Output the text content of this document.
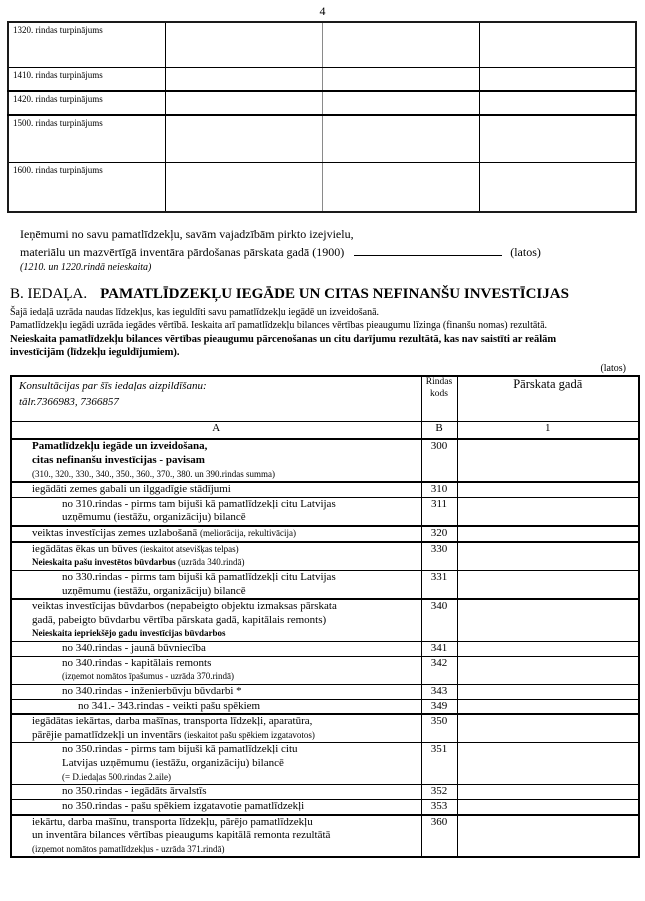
4
1320. rindas turpinājums			
1410. rindas turpinājums			
1420. rindas turpinājums			
1500. rindas turpinājums			
1600. rindas turpinājums			
Ieņēmumi no savu pamatlīdzekļu, savām vajadzībām pirkto izejvielu,
materiālu un mazvērtīgā inventāra pārdošanas pārskata gadā (1900)	(latos)
(1210. un 1220.rindā neieskaita)
B. IEDAĻA. PAMATLĪDZEKĻU IEGĀDE UN CITAS NEFINANŠU INVESTĪCIJAS
Šajā iedaļā uzrāda naudas līdzekļus, kas ieguldīti savu pamatlīdzekļu iegādē un izveidošanā.
Pamatlīdzekļu iegādi uzrāda iegādes vērtībā. Ieskaita arī pamatlīdzekļu bilances vērtības pieaugumu līzinga (finanšu nomas) rezultātā.
Neieskaita pamatlīdzekļu bilances vērtības pieaugumu pārcenošanas un citu darījumu rezultātā, kas nav saistīti ar reālām
investīcijām (līdzekļu ieguldījumiem).
(latos)
Konsultācijas par šīs iedaļas aizpildīšanu:
tālr.7366983, 7366857

Rindas
kods
	Pārskata gadā
A	B	1

Pamatlīdzekļu iegāde un izveidošana,
citas nefinanšu investīcijas - pavisam
(310., 320., 330., 340., 350., 360., 370., 380. un 390.rindas summa)	300	

iegādāti zemes gabali un ilggadīgie stādījumi	310	

no 310.rindas - pirms tam bijuši kā pamatlīdzekļi citu Latvijas
uzņēmumu (iestāžu, organizāciju) bilancē	311	

veiktas investīcijas zemes uzlabošanā (meliorācija, rekultivācija)	320	

iegādātas ēkas un būves (ieskaitot atsevišķas telpas)
Neieskaita pašu investētos būvdarbus (uzrāda 340.rindā)	330	

no 330.rindas - pirms tam bijuši kā pamatlīdzekļi citu Latvijas
uzņēmumu (iestāžu, organizāciju) bilancē	331	

veiktas investīcijas būvdarbos (nepabeigto objektu izmaksas pārskata
gadā, pabeigto būvdarbu vērtība pārskata gadā, kapitālais remonts)
Neieskaita iepriekšējo gadu investīcijas būvdarbos	340	

no 340.rindas - jaunā būvniecība	341	

no 340.rindas - kapitālais remonts
(izņemot nomātos īpašumus - uzrāda 370.rindā)	342	

no 340.rindas - inženierbūvju būvdarbi *	343	

no 341.- 343.rindas - veikti pašu spēkiem	349	

iegādātas iekārtas, darba mašīnas, transporta līdzekļi, aparatūra,
pārējie pamatlīdzekļi un inventārs (ieskaitot pašu spēkiem izgatavotos)	350	

no 350.rindas - pirms tam bijuši kā pamatlīdzekļi citu
Latvijas uzņēmumu (iestāžu, organizāciju) bilancē
(= D.iedaļas 500.rindas 2.aile)	351	

no 350.rindas - iegādāts ārvalstīs	352	

no 350.rindas - pašu spēkiem izgatavotie pamatlīdzekļi	353	

iekārtu, darba mašīnu, transporta līdzekļu, pārējo pamatlīdzekļu
un inventāra bilances vērtības pieaugums kapitālā remonta rezultātā
(izņemot nomātos pamatlīdzekļus - uzrāda 371.rindā)	360	
